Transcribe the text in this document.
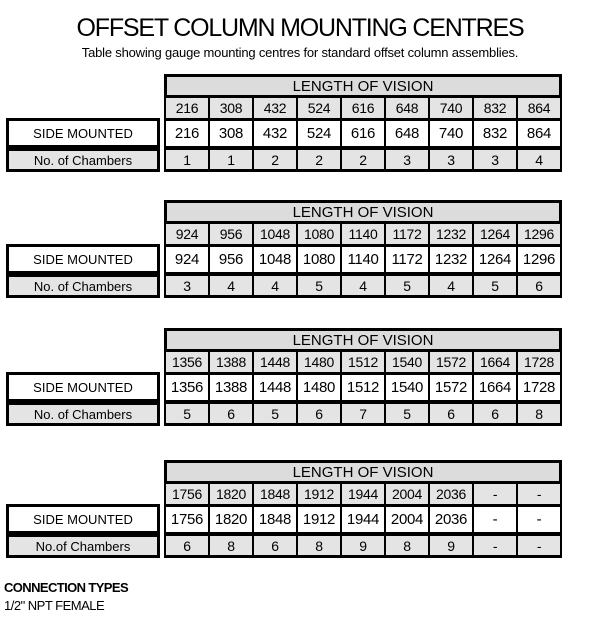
OFFSET COLUMN MOUNTING CENTRES
Table showing gauge mounting centres for standard offset column assemblies.
LENGTH OF VISION
216	308	432	524	616	648	740	832	864
SIDE MOUNTED	216	308	432	524	616	648	740	832	864
No. of Chambers	1	1	2	2	2	3	3	3	4
LENGTH OF VISION
924	956	1048	1080	1140	1172	1232	1264	1296
SIDE MOUNTED	924	956	1048 1080 1140 1172 1232 1264 1296
No. of Chambers	3	4	4	5	4	5	4	5	6
LENGTH OF VISION
1356	1388	1448	1480	1512	1540	1572	1664	1728
SIDE MOUNTED	1356 1388 1448 1480 1512 1540 1572 1664 1728
No. of Chambers	5	6	5	6	7	5	6	6	8
LENGTH OF VISION
1756	1820	1848	1912	1944	2004	2036	-	-
SIDE MOUNTED	1756 1820 1848 1912 1944 2004 2036	-	-
No.of Chambers	6	8	6	8	9	8	9	-	-
CONNECTION TYPES
1/2" NPT FEMALE
